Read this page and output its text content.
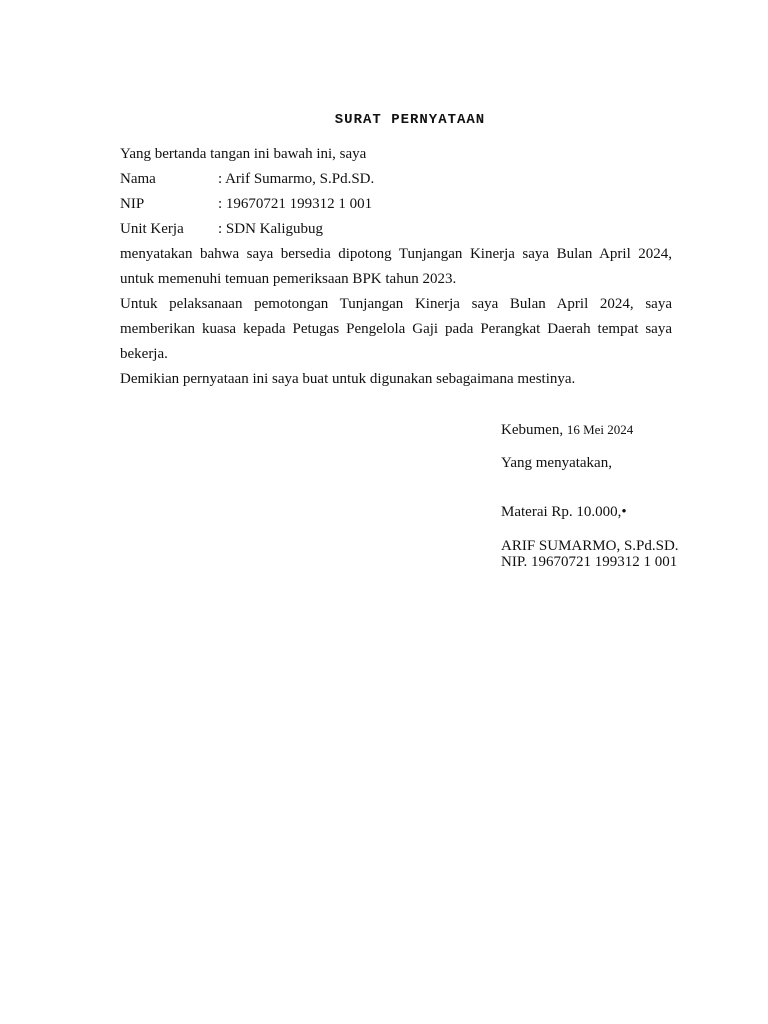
SURAT PERNYATAAN
Yang bertanda tangan ini bawah ini, saya
Nama	: Arif Sumarmo, S.Pd.SD.
NIP	: 19670721 199312 1 001
Unit Kerja : SDN Kaligubug
menyatakan bahwa saya bersedia dipotong Tunjangan Kinerja saya Bulan April 2024,
untuk memenuhi temuan pemeriksaan BPK tahun 2023.
Untuk pelaksanaan pemotongan Tunjangan Kinerja saya Bulan April 2024, saya
memberikan kuasa kepada Petugas Pengelola Gaji pada Perangkat Daerah tempat saya
bekerja.
Demikian pernyataan ini saya buat untuk digunakan sebagaimana mestinya.
Kebumen, 16 Mei 2024
Yang menyatakan,
Materai Rp. 10.000,•
ARIF SUMARMO, S.Pd.SD.
NIP. 19670721 199312 1 001
